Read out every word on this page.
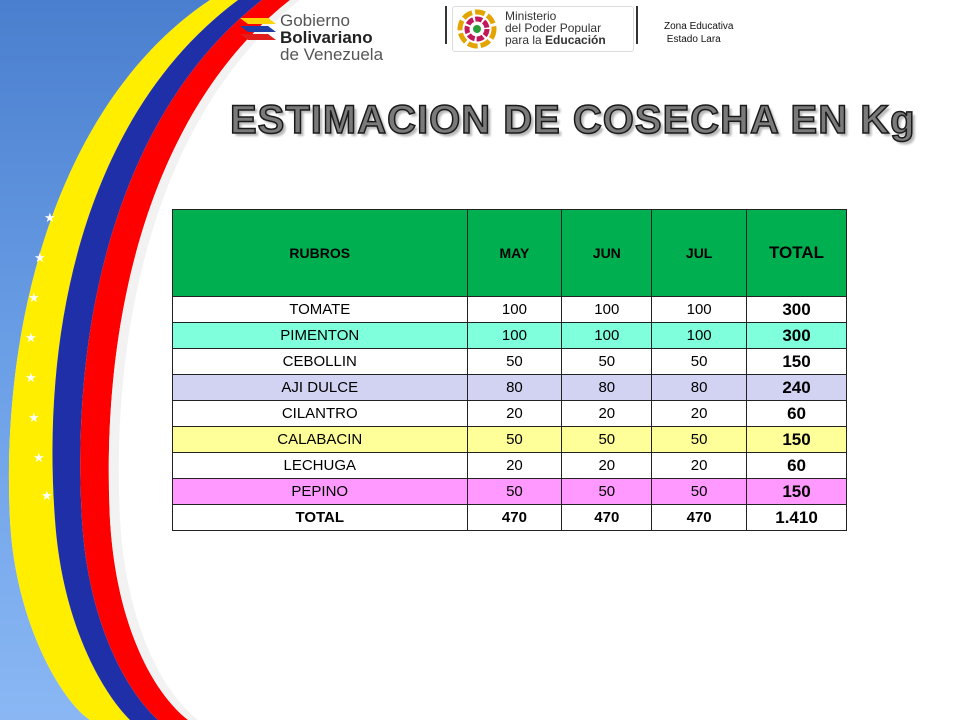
★
★
★
★
★
★
★
★
Gobierno Bolivariano
de Venezuela
Ministerio
del Poder Popular
para la Educación
Zona Educativa
Estado Lara
ESTIMACION DE COSECHA EN Kg
RUBROS	MAY	JUN	JUL	TOTAL
TOMATE	100	100	100	300
PIMENTON	100	100	100	300
CEBOLLIN	50	50	50	150
AJI DULCE	80	80	80	240
CILANTRO	20	20	20	60
CALABACIN	50	50	50	150
LECHUGA	20	20	20	60
PEPINO	50	50	50	150
TOTAL	470	470	470	1.410
